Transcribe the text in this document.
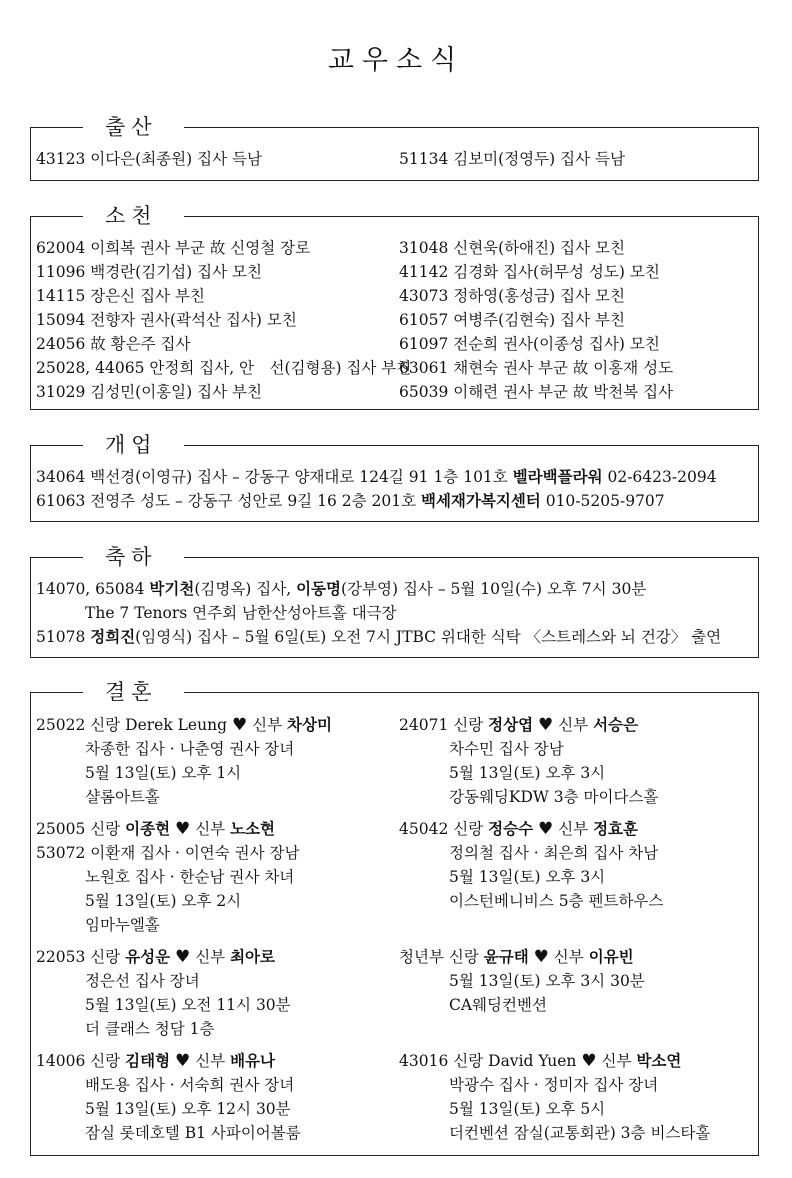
교우소식
출산
43123 이다은(최종원) 집사 득남	51134 김보미(정영두) 집사 득남
소천
62004 이희복 권사 부군 故 신영철 장로
11096 백경란(김기섭) 집사 모친
14115 장은신 집사 부친
15094 전향자 권사(곽석산 집사) 모친
24056 故 황은주 집사
25028, 44065 안정희 집사, 안　선(김형용) 집사 부친
31029 김성민(이홍일) 집사 부친
31048 신현욱(하애진) 집사 모친
41142 김경화 집사(허무성 성도) 모친
43073 정하영(홍성금) 집사 모친
61057 여병주(김현숙) 집사 부친
61097 전순희 권사(이종성 집사) 모친
63061 채현숙 권사 부군 故 이홍재 성도
65039 이해련 권사 부군 故 박천복 집사
개업
34064 백선경(이영규) 집사 – 강동구 양재대로 124길 91 1층 101호 벨라백플라워 02-6423-2094
61063 전영주 성도 – 강동구 성안로 9길 16 2층 201호 백세재가복지센터 010-5205-9707
축하
14070, 65084 박기천(김명옥) 집사, 이동명(강부영) 집사 – 5월 10일(수) 오후 7시 30분
The 7 Tenors 연주회 남한산성아트홀 대극장
51078 정희진(임영식) 집사 – 5월 6일(토) 오전 7시 JTBC 위대한 식탁 〈스트레스와 뇌 건강〉 출연
결혼
25022 신랑 Derek Leung ♥ 신부 차상미
차종한 집사 · 나춘영 권사 장녀
5월 13일(토) 오후 1시
샬롬아트홀
24071 신랑 정상엽 ♥ 신부 서승은
차수민 집사 장남
5월 13일(토) 오후 3시
강동웨딩KDW 3층 마이다스홀
25005 신랑 이종현 ♥ 신부 노소현
53072 이환재 집사 · 이연숙 권사 장남
노원호 집사 · 한순남 권사 차녀
5월 13일(토) 오후 2시
임마누엘홀
45042 신랑 정승수 ♥ 신부 정효훈
정의철 집사 · 최은희 집사 차남
5월 13일(토) 오후 3시
이스턴베니비스 5층 펜트하우스
22053 신랑 유성운 ♥ 신부 최아로
정은선 집사 장녀
5월 13일(토) 오전 11시 30분
더 클래스 청담 1층
청년부 신랑 윤규태 ♥ 신부 이유빈
5월 13일(토) 오후 3시 30분
CA웨딩컨벤션
14006 신랑 김태형 ♥ 신부 배유나
배도용 집사 · 서숙희 권사 장녀
5월 13일(토) 오후 12시 30분
잠실 롯데호텔 B1 사파이어볼룸
43016 신랑 David Yuen ♥ 신부 박소연
박광수 집사 · 정미자 집사 장녀
5월 13일(토) 오후 5시
더컨벤션 잠실(교통회관) 3층 비스타홀
